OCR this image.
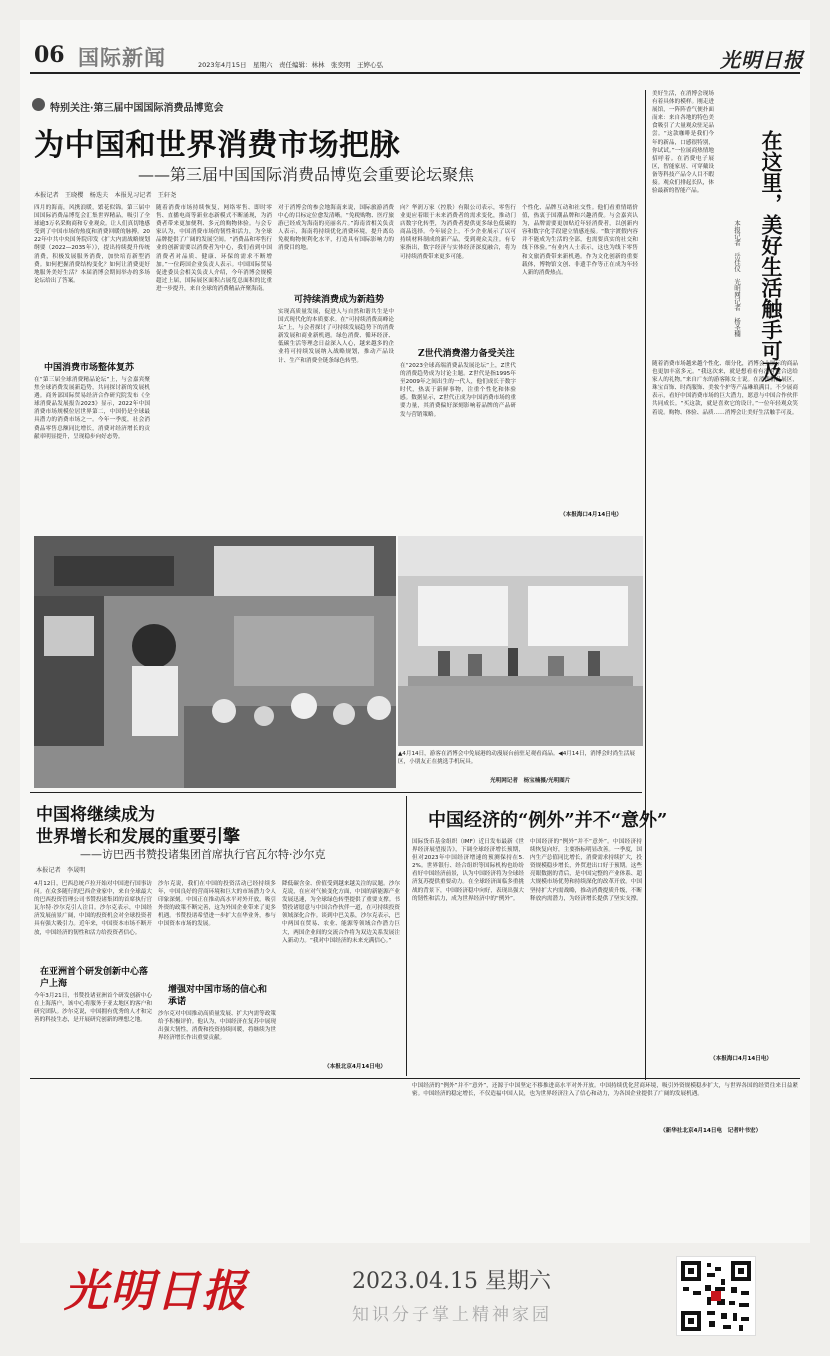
06 国际新闻	2023年4月15日　星期六　责任编辑：林林　张奕明　王婷心弘	光明日报
特别关注·第三届中国国际消费品博览会
为中国和世界消费市场把脉
——第三届中国国际消费品博览会重要论坛聚焦
本报记者　王晓樱　杨迭夫　本报见习记者　王轩尧
四月的海南，风携浪暖，繁花似锦。第三届中国国际消费品博览会汇集世界精品，吸引了全球逾3万名采购商和专业观众。让人们真切地感受到了中国市场的热度和消费回暖的脉搏。2022年中共中央国务院印发《扩大内需战略规划纲要（2022—2035年）》，提出持续提升传统消费，积极发展服务消费，加快培育新型消费。如何把握消费结构变化？如何让消费更好地服务美好生活？本届消博会期间举办的多场论坛给出了答案。
中国消费市场整体复苏
在“第三届全球消费精品论坛”上，与会嘉宾聚焦全球消费发展新趋势，共同探讨新的发展机遇。商务部国际贸易经济合作研究院发布《全球消费品发展报告2023》显示，2022年中国消费市场规模位居世界第二，中国仍是全球最具潜力的消费市场之一。今年一季度，社会消费品零售总额同比增长，消费对经济增长的贡献率明显提升，呈现稳步向好态势。
随着消费市场持续恢复，网络零售、即时零售、直播电商等新业态新模式不断涌现，为消费者带来更加便利、多元的购物体验。与会专家认为，中国消费市场的韧性和活力，为全球品牌提供了广阔的发展空间。“消费品和零售行业的创新需要以消费者为中心，我们看到中国消费者对品质、健康、环保的需求不断增加。”一位跨国企业负责人表示。中国国际贸易促进委员会相关负责人介绍，今年消博会规模超过上届，国际展区面积占展览总面积的比重进一步提升，来自全球的消费精品齐聚海南。
对于消博会的参会地海南来说，国际旅游消费中心的目标定位愈发清晰。“免税购物、医疗旅游已经成为海南的亮丽名片。”海南省相关负责人表示，海南将持续优化消费环境，提升离岛免税购物便利化水平，打造具有国际影响力的消费目的地。
可持续消费成为新趋势
实现高质量发展，促进人与自然和谐共生是中国式现代化的本质要求。在“可持续消费高峰论坛”上，与会者探讨了可持续发展趋势下的消费新发展和商业新机遇。绿色消费、循环经济、低碳生活等理念日益深入人心，越来越多的企业将可持续发展纳入战略规划，推动产品设计、生产和消费全链条绿色转型。
向？华润万家（控股）有限公司表示，零售行业更应着眼于未来消费者的需求变化，推动门店数字化转型，为消费者提供更多绿色低碳的商品选择。今年展会上，不少企业展示了以可持续材料制成的新产品，受到观众关注。有专家指出，数字经济与实体经济深度融合，将为可持续消费带来更多可能。
Z世代消费潜力备受关注
在“2023全球高端消费品发展论坛”上，Z世代的消费趋势成为讨论主题。Z世代是指1995年至2009年之间出生的一代人，他们成长于数字时代，热衷于新鲜事物，注重个性化和体验感。数据显示，Z世代正成为中国消费市场的重要力量，其消费偏好深刻影响着品牌的产品研发与营销策略。
个性化、品牌互动和社交性。他们看重情绪价值，热衷于国潮品牌和兴趣消费。与会嘉宾认为，品牌需要更加贴近年轻消费者，以创新内容和数字化手段建立情感连接。“数字渡假内容并不能成为生活的全部，也需要真实的社交和线下体验。”有业内人士表示，这也为线下零售和文旅消费带来新机遇。作为文化创新的重要载体，博物馆文创、非遗手作等正在成为年轻人新的消费热点。
（本报海口4月14日电）
美好生活，在消博会现场有着具体的模样。刚走进展馆，一阵阵香气便扑面而来：来自各地的特色美食吸引了大量观众驻足品尝。“这款咖啡是我们今年的新品，口感很特别，你试试。”一位展商热情地招呼着。在消费电子展区，智能家居、可穿戴设备等科技产品令人目不暇接。观众们排起长队，体验最新的智能产品。	在这里，美好生活触手可及
本报记者　岳佳仪　光明网记者　杨圣楠
随着消费市场越来越个性化、细分化，消博会上展示的商品也更加丰富多元。“我这次来，就是想看看有没有适合送给家人的礼物。”来自广东的游客陈女士说。在消费精品展区，珠宝首饰、时尚服饰、美妆个护等产品琳琅满目。不少展商表示，看好中国消费市场的巨大潜力，愿意与中国合作伙伴共同成长。“买这款，就是喜欢它的设计。”一位年轻观众笑着说。购物、体验、品质……消博会让美好生活触手可及。
（本报海口4月14日电）
▲4月14日，游客在消博会中免展港的动漫展台前驻足观看商品。◀4月14日，消博会时尚生活展区，小朋友正在挑选手机玩具。
光明网记者　杨宝楠摄/光明图片
中国将继续成为
世界增长和发展的重要引擎
——访巴西书赞投诸集团首席执行官瓦尔特·沙尔克
本报记者　李晟明
4月12日，巴西总统卢拉开始对中国进行国事访问。在众多随行的巴西企业家中，来自全球最大的巴西投资管理公司书赞投诸集团的首席执行官瓦尔特·沙尔克引人注目。沙尔克表示，中国经济发展前景广阔，中国的投资机会对全球投资者具有强大吸引力。近年来，中国资本市场不断开放，中国经济的韧性和活力给投资者信心。
在亚洲首个研发创新中心落户上海
今年3月21日，书赞投诸亚洲首个研发创新中心在上海落户，该中心将服务于亚太地区的客户和研究团队。沙尔克说，中国拥有优秀的人才和完善的科技生态，是开展研究创新的理想之地。
沙尔克说，我们在中国的投资活动已经持续多年，中国良好的营商环境和巨大的市场潜力令人印象深刻。中国正在推动高水平对外开放，吸引外资的政策不断完善，这为外国企业带来了更多机遇。书赞投诸希望进一步扩大在华业务，参与中国资本市场的发展。
增强对中国市场的信心和承诺
沙尔克对中国推动高质量发展、扩大内需等政策给予积极评价。他认为，中国经济在复苏中展现出强大韧性，消费和投资持续回暖，将继续为世界经济增长作出重要贡献。
降低碳含金、价值受到越来越关注的议题。沙尔克说，在应对气候变化方面，中国的新能源产业发展迅速，为全球绿色转型提供了重要支撑。书赞投诸愿意与中国合作伙伴一道，在可持续投资领域深化合作。谈到中巴关系，沙尔克表示，巴中两国在贸易、农业、能源等领域合作潜力巨大，两国企业间的交流合作将为双边关系发展注入新动力。“我对中国经济的未来充满信心。”
（本报北京4月14日电）
中国经济的“例外”并不“意外”
国际货币基金组织（IMF）近日发布最新《世界经济展望报告》，下调全球经济增长预期，但对2023年中国经济增速的预测保持在5.2%。世界银行、经合组织等国际机构也纷纷看好中国经济前景，认为中国经济将为全球经济复苏提供重要动力。在全球经济面临多重挑战的背景下，中国经济稳中向好，表现出强大的韧性和活力，成为世界经济中的“例外”。
中国经济的“例外”并不“意外”。中国经济持续恢复向好，主要指标明显改善。一季度，国内生产总值同比增长，消费需求持续扩大，投资规模稳步增长，外贸进出口好于预期。这些亮眼数据的背后，是中国完整的产业体系、超大规模市场优势和持续深化的改革开放。中国坚持扩大内需战略，推动消费提质升级，不断释放内需潜力，为经济增长提供了坚实支撑。
中国经济的“例外”并不“意外”，还源于中国坚定不移推进高水平对外开放。中国持续优化营商环境，吸引外资规模稳步扩大，与世界各国的经贸往来日益紧密。中国经济的稳定增长，不仅造福中国人民，也为世界经济注入了信心和动力，为各国企业提供了广阔的发展机遇。
（新华社北京4月14日电　记者叶书宏）
光明日报	2023.04.15 星期六
知识分子掌上精神家园
